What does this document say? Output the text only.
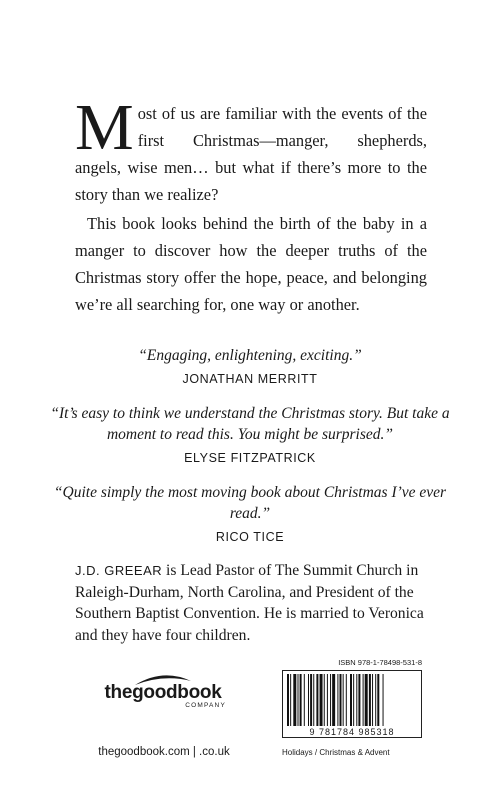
Most of us are familiar with the events of the first Christmas—manger, shepherds, angels, wise men… but what if there’s more to the story than we realize?

This book looks behind the birth of the baby in a manger to discover how the deeper truths of the Christmas story offer the hope, peace, and belonging we’re all searching for, one way or another.

“Engaging, enlightening, exciting.”
JONATHAN MERRITT
“It’s easy to think we understand the Christmas story. But take a moment to read this. You might be surprised.”
ELYSE FITZPATRICK
“Quite simply the most moving book about Christmas I’ve ever read.”
RICO TICE

J.D. GREEAR is Lead Pastor of The Summit Church in Raleigh-Durham, North Carolina, and President of the Southern Baptist Convention. He is married to Veronica and they have four children.

thegoodbook
COMPANY
thegoodbook.com | .co.uk
ISBN 978-1-78498-531-8
9 781784 985318
Holidays / Christmas & Advent
